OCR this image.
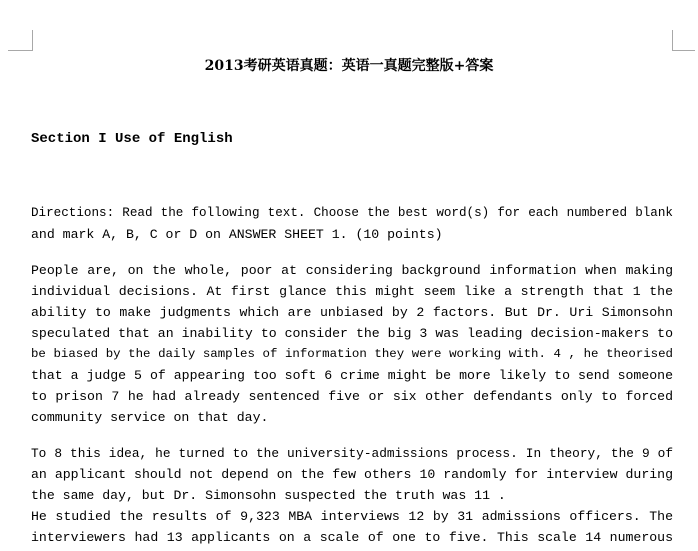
2013考研英语真题：英语一真题完整版+答案
Section I Use of English
Directions: Read the following text. Choose the best word(s) for each numbered blank
and mark A, B, C or D on ANSWER SHEET 1. (10 points)
People are, on the whole, poor at considering background information when making
individual decisions. At first glance this might seem like a strength that 1 the
ability to make judgments which are unbiased by 2 factors. But Dr. Uri Simonsohn
speculated that an inability to consider the big 3 was leading decision-makers to
be biased by the daily samples of information they were working with. 4 , he theorised
that a judge 5 of appearing too soft 6 crime might be more likely to send someone
to prison 7 he had already sentenced five or six other defendants only to forced
community service on that day.
To 8 this idea, he turned to the university-admissions process. In theory, the 9 of
an applicant should not depend on the few others 10 randomly for interview during
the same day, but Dr. Simonsohn suspected the truth was 11 .
He studied the results of 9,323 MBA interviews 12 by 31 admissions officers. The
interviewers had 13 applicants on a scale of one to five. This scale 14 numerous
